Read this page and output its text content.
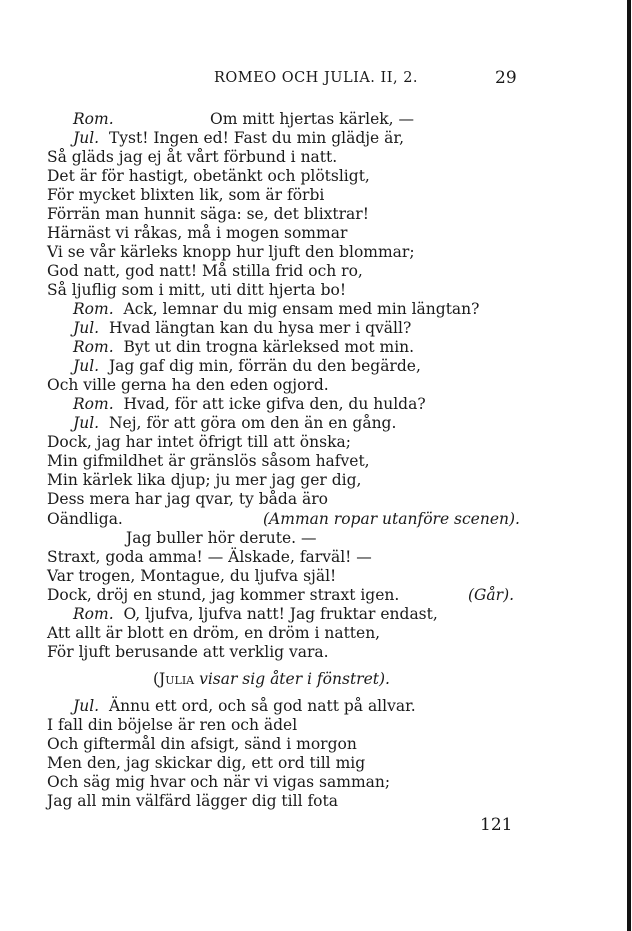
ROMEO OCH JULIA. II, 2.	29
Rom.	Om mitt hjertas kärlek, —
Jul. Tyst! Ingen ed! Fast du min glädje är,
Så gläds jag ej åt vårt förbund i natt.
Det är för hastigt, obetänkt och plötsligt,
För mycket blixten lik, som är förbi
Förrän man hunnit säga: se, det blixtrar!
Härnäst vi råkas, må i mogen sommar
Vi se vår kärleks knopp hur ljuft den blommar;
God natt, god natt! Må stilla frid och ro,
Så ljuflig som i mitt, uti ditt hjerta bo!
Rom. Ack, lemnar du mig ensam med min längtan?
Jul. Hvad längtan kan du hysa mer i qväll?
Rom. Byt ut din trogna kärleksed mot min.
Jul. Jag gaf dig min, förrän du den begärde,
Och ville gerna ha den eden ogjord.
Rom. Hvad, för att icke gifva den, du hulda?
Jul. Nej, för att göra om den än en gång.
Dock, jag har intet öfrigt till att önska;
Min gifmildhet är gränslös såsom hafvet,
Min kärlek lika djup; ju mer jag ger dig,
Dess mera har jag qvar, ty båda äro
Oändliga.	(Amman ropar utanföre scenen).
Jag buller hör derute. —
Straxt, goda amma! — Älskade, farväl! —
Var trogen, Montague, du ljufva själ!
Dock, dröj en stund, jag kommer straxt igen.	(Går).
Rom. O, ljufva, ljufva natt! Jag fruktar endast,
Att allt är blott en dröm, en dröm i natten,
För ljuft berusande att verklig vara.
(Julia visar sig åter i fönstret).
Jul. Ännu ett ord, och så god natt på allvar.
I fall din böjelse är ren och ädel
Och giftermål din afsigt, sänd i morgon
Men den, jag skickar dig, ett ord till mig
Och säg mig hvar och när vi vigas samman;
Jag all min välfärd lägger dig till fota
121
